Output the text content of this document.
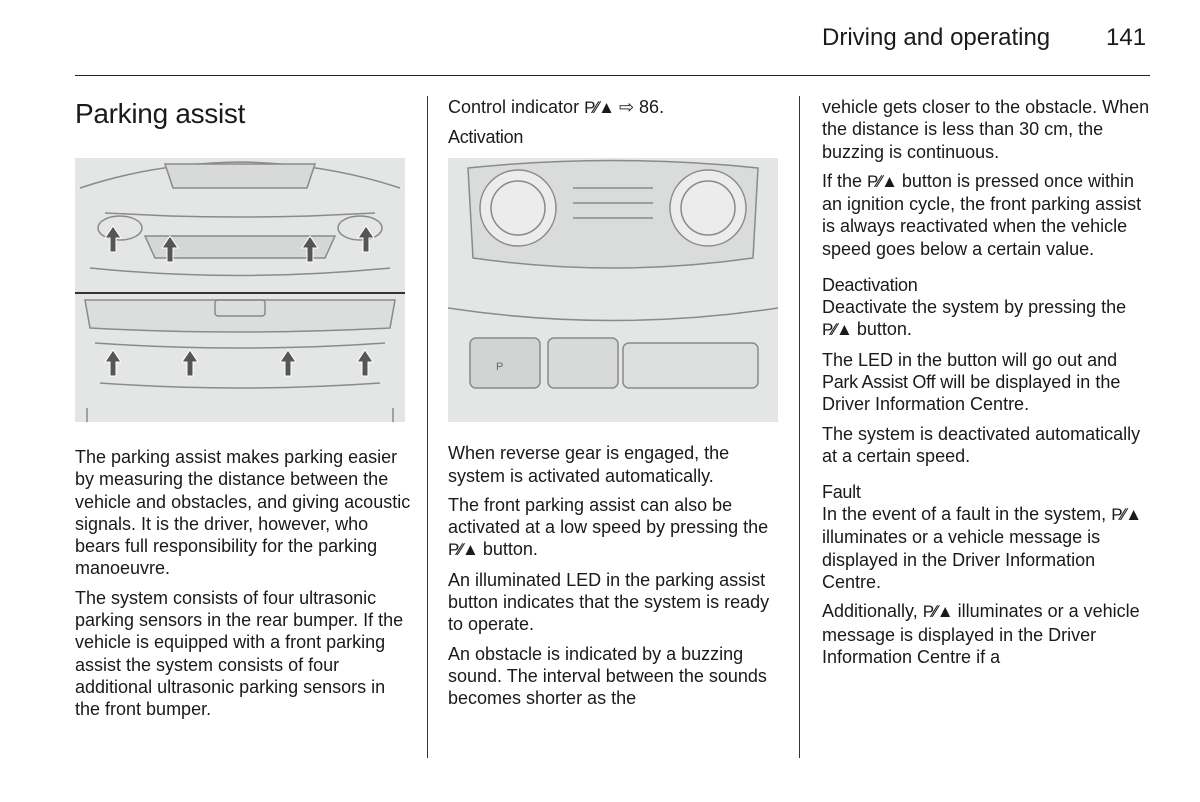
Driving and operating 141
Parking assist

The parking assist makes parking easier by measuring the distance between the vehicle and obstacles, and giving acoustic signals. It is the driver, however, who bears full responsibility for the parking manoeuvre.

The system consists of four ultrasonic parking sensors in the rear bumper. If the vehicle is equipped with a front parking assist the system consists of four additional ultrasonic parking sensors in the front bumper.

Control indicator P∕∕▲ ⇨ 86.

Activation
P

When reverse gear is engaged, the system is activated automatically.

The front parking assist can also be activated at a low speed by pressing the P∕∕▲ button.

An illuminated LED in the parking assist button indicates that the system is ready to operate.

An obstacle is indicated by a buzzing sound. The interval between the sounds becomes shorter as the

vehicle gets closer to the obstacle. When the distance is less than 30 cm, the buzzing is continuous.

If the P∕∕▲ button is pressed once within an ignition cycle, the front parking assist is always reactivated when the vehicle speed goes below a certain value.

Deactivation

Deactivate the system by pressing the P∕∕▲ button.

The LED in the button will go out and Park Assist Off will be displayed in the Driver Information Centre.

The system is deactivated automatically at a certain speed.

Fault

In the event of a fault in the system, P∕∕▲ illuminates or a vehicle message is displayed in the Driver Information Centre.

Additionally, P∕∕▲ illuminates or a vehicle message is displayed in the Driver Information Centre if a
